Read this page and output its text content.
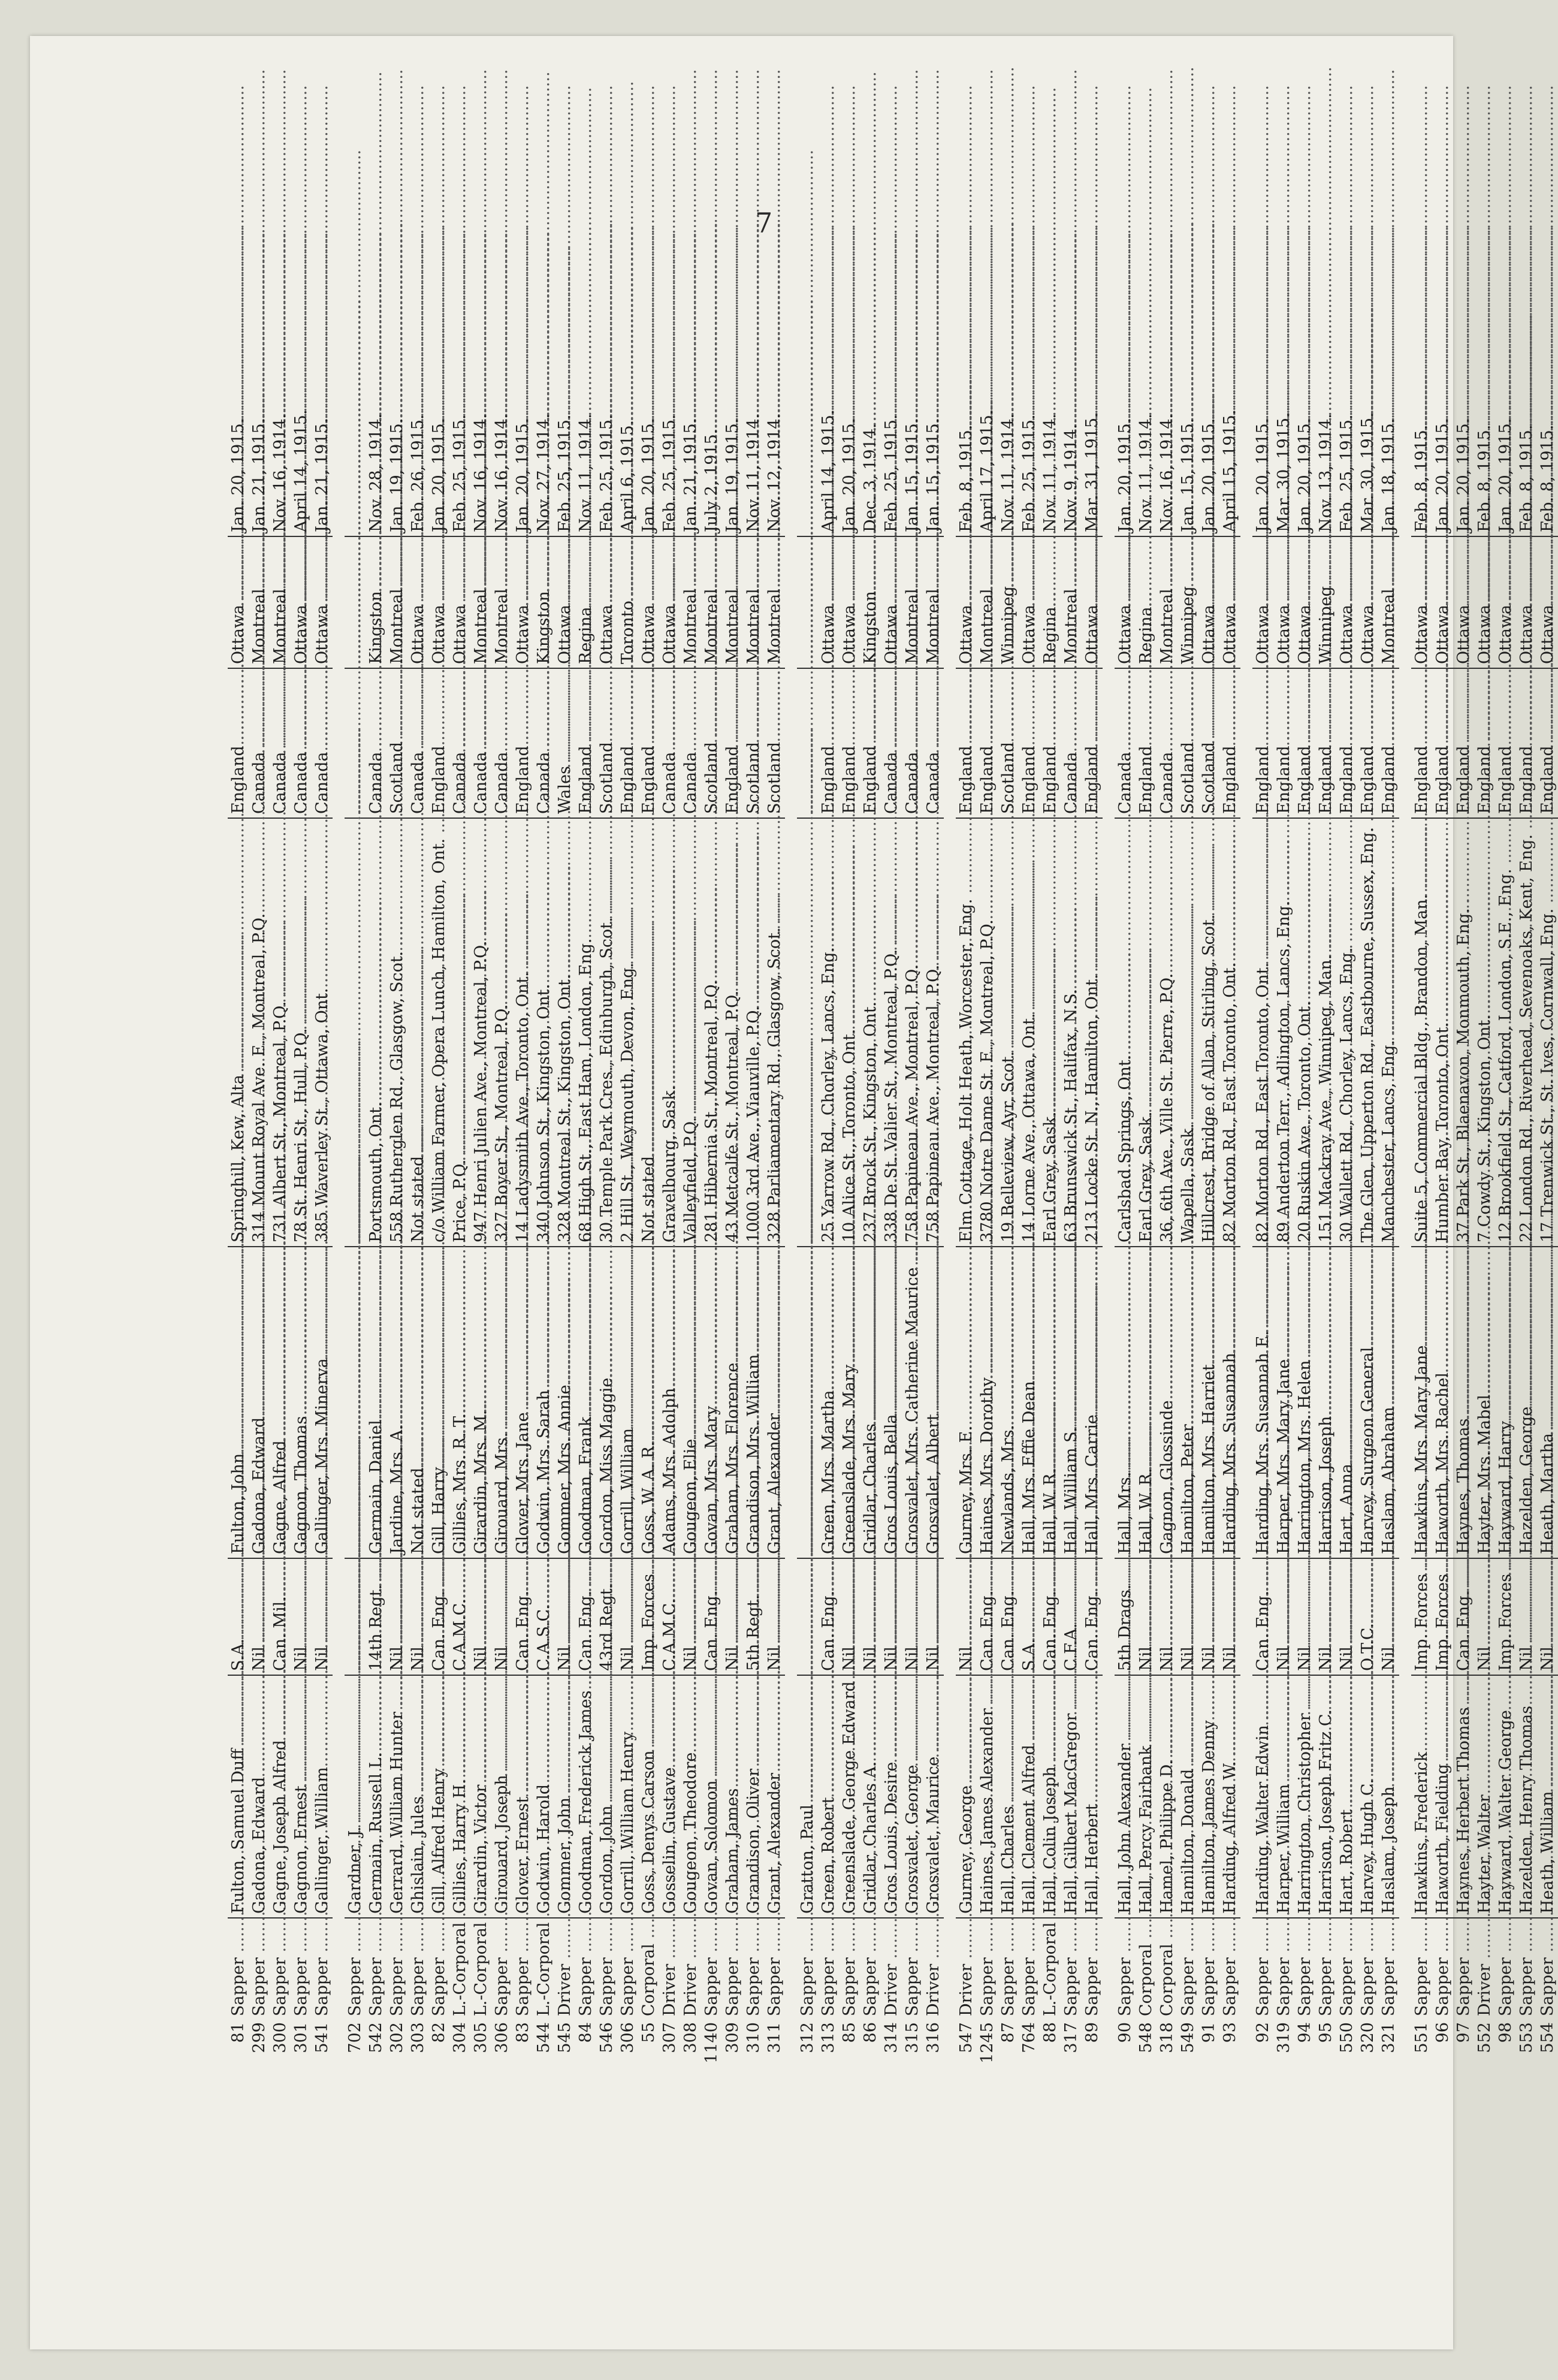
7
81	Sapper .....	Fulton, Samuel Duff .....	S.A. .....	Fulton, John .....	Springhill, Kew, Alta .....	England .....	Ottawa .....	Jan. 20, 1915.
299	Sapper .....	Gadona, Edward .....	Nil .....	Gadona, Edward .....	314 Mount Royal Ave. E., Montreal, P.Q. .....	Canada .....	Montreal .....	Jan. 21, 1915.
300	Sapper .....	Gagne, Joseph Alfred .....	Can. Mil. .....	Gagne, Alfred .....	731 Albert St., Montreal, P.Q. .....	Canada .....	Montreal .....	Nov. 16, 1914.
301	Sapper .....	Gagnon, Ernest .....	Nil .....	Gagnon, Thomas .....	78 St. Henri St., Hull, P.Q. .....	Canada .....	Ottawa .....	April 14, 1915.
541	Sapper .....	Gallinger, William .....	Nil .....	Gallinger, Mrs. Minerva .....	385 Waverley St., Ottawa, Ont. .....	Canada .....	Ottawa .....	Jan. 21, 1915.

702	Sapper .....	Gardner, J. .....	.....	.....	.....	.....	.....	
542	Sapper .....	Germain, Russell L. .....	14th Regt. .....	Germain, Daniel .....	Portsmouth, Ont. .....	Canada .....	Kingston .....	Nov. 28, 1914.
302	Sapper .....	Gerrard, William Hunter .....	Nil .....	Jardine, Mrs. A. .....	558 Rutherglen Rd., Glasgow, Scot. .....	Scotland .....	Montreal .....	Jan. 19, 1915.
303	Sapper .....	Ghislain, Jules .....	Nil .....	Not stated .....	Not stated .....	Canada .....	Ottawa .....	Feb. 26, 1915.
82	Sapper .....	Gill, Alfred Henry .....	Can. Eng. .....	Gill, Harry .....	c/o William Farmer, Opera Lunch, Hamilton, Ont. .....	England .....	Ottawa .....	Jan. 20, 1915.
304	L.-Corporal .....	Gillies, Harry H. .....	C.A.M.C. .....	Gillies, Mrs. R. T. .....	Price, P.Q. .....	Canada .....	Ottawa .....	Feb. 25, 1915.
305	L.-Corporal .....	Girardin, Victor .....	Nil .....	Girardin, Mrs. M. .....	947 Henri Julien Ave., Montreal, P.Q. .....	Canada .....	Montreal .....	Nov. 16, 1914.
306	Sapper .....	Girouard, Joseph .....	Nil .....	Girouard, Mrs. .....	327 Boyer St., Montreal, P.Q. .....	Canada .....	Montreal .....	Nov. 16, 1914.
83	Sapper .....	Glover, Ernest .....	Can. Eng. .....	Glover, Mrs. Jane .....	14 Ladysmith Ave., Toronto, Ont. .....	England .....	Ottawa .....	Jan. 20, 1915.
544	L.-Corporal .....	Godwin, Harold .....	C.A.S.C. .....	Godwin, Mrs. Sarah .....	340 Johnson St., Kingston, Ont. .....	Canada .....	Kingston .....	Nov. 27, 1914.
545	Driver .....	Gommer, John .....	Nil .....	Gommer, Mrs. Annie .....	328 Montreal St., Kingston, Ont. .....	Wales .....	Ottawa .....	Feb. 25, 1915.
84	Sapper .....	Goodman, Frederick James .....	Can. Eng. .....	Goodman, Frank .....	68 High St., East Ham, London, Eng. .....	England .....	Regina .....	Nov. 11, 1914.
546	Sapper .....	Gordon, John .....	43rd Regt. .....	Gordon, Miss Maggie .....	30 Temple Park Cres., Edinburgh, Scot. .....	Scotland .....	Ottawa .....	Feb. 25, 1915.
306	Sapper .....	Gorrill, William Henry .....	Nil .....	Gorrill, William .....	2 Hill St., Weymouth, Devon, Eng. .....	England .....	Toronto .....	April 6, 1915.
55	Corporal .....	Goss, Denys Carson .....	Imp. Forces .....	Goss, W. A. R. .....	Not stated .....	England .....	Ottawa .....	Jan. 20, 1915.
307	Driver .....	Gosselin, Gustave .....	C.A.M.C. .....	Adams, Mrs. Adolph .....	Gravelbourg, Sask. .....	Canada .....	Ottawa .....	Feb. 25, 1915.
308	Driver .....	Gougeon, Theodore .....	Nil .....	Gougeon, Elie .....	Valleyfield, P.Q. .....	Canada .....	Montreal .....	Jan. 21, 1915.
1140	Sapper .....	Govan, Solomon .....	Can. Eng. .....	Govan, Mrs. Mary .....	281 Hibernia St., Montreal, P.Q. .....	Scotland .....	Montreal .....	July 2, 1915.
309	Sapper .....	Graham, James .....	Nil .....	Graham, Mrs. Florence .....	43 Metcalfe St., Montreal, P.Q. .....	England .....	Montreal .....	Jan. 19, 1915.
310	Sapper .....	Grandison, Oliver .....	5th Regt. .....	Grandison, Mrs. William .....	1000 3rd Ave., Viauville, P.Q. .....	Scotland .....	Montreal .....	Nov. 11, 1914.
311	Sapper .....	Grant, Alexander .....	Nil .....	Grant, Alexander .....	328 Parliamentary Rd., Glasgow, Scot. .....	Scotland .....	Montreal .....	Nov. 12, 1914.

312	Sapper .....	Gratton, Paul .....	.....	.....	.....	.....	.....	
313	Sapper .....	Green, Robert .....	Can. Eng. .....	Green, Mrs. Martha .....	25 Yarrow Rd., Chorley, Lancs, Eng. .....	England .....	Ottawa .....	April 14, 1915.
85	Sapper .....	Greenslade, George Edward .....	Nil .....	Greenslade, Mrs. Mary .....	10 Alice St., Toronto, Ont. .....	England .....	Ottawa .....	Jan. 20, 1915.
86	Sapper .....	Gridlar, Charles A. .....	Nil .....	Gridlar, Charles .....	237 Brock St., Kingston, Ont. .....	England .....	Kingston .....	Dec. 3, 1914.
314	Driver .....	Gros Louis, Desire .....	Nil .....	Gros Louis, Bella .....	338 De St. Valier St., Montreal, P.Q. .....	Canada .....	Ottawa .....	Feb. 25, 1915.
315	Sapper .....	Grosvalet, George .....	Nil .....	Grosvalet, Mrs. Catherine Maurice .....	758 Papineau Ave., Montreal, P.Q. .....	Canada .....	Montreal .....	Jan. 15, 1915.
316	Driver .....	Grosvalet, Maurice .....	Nil .....	Grosvalet, Albert .....	758 Papineau Ave., Montreal, P.Q. .....	Canada .....	Montreal .....	Jan. 15, 1915.

547	Driver .....	Gurney, George .....	Nil .....	Gurney, Mrs. E. .....	Elm Cottage, Holt Heath, Worcester, Eng. .....	England .....	Ottawa .....	Feb. 8, 1915.
1245	Sapper .....	Haines, James Alexander .....	Can. Eng. .....	Haines, Mrs. Dorothy .....	3780 Notre Dame St. E., Montreal, P.Q. .....	England .....	Montreal .....	April 17, 1915.
87	Sapper .....	Hall, Charles .....	Can. Eng. .....	Newlands, Mrs. .....	19 Belleview, Ayr, Scot. .....	Scotland .....	Winnipeg .....	Nov. 11, 1914.
764	Sapper .....	Hall, Clement Alfred .....	S.A. .....	Hall, Mrs. Effie Dean .....	14 Lorne Ave., Ottawa, Ont. .....	England .....	Ottawa .....	Feb. 25, 1915.
88	L.-Corporal .....	Hall, Colin Joseph .....	Can. Eng. .....	Hall, W. R. .....	Earl Grey, Sask. .....	England .....	Regina .....	Nov. 11, 1914.
317	Sapper .....	Hall, Gilbert MacGregor .....	C.F.A. .....	Hall, William S. .....	63 Brunswick St., Halifax, N.S. .....	Canada .....	Montreal .....	Nov. 9, 1914.
89	Sapper .....	Hall, Herbert .....	Can. Eng. .....	Hall, Mrs. Carrie .....	213 Locke St. N., Hamilton, Ont. .....	England .....	Ottawa .....	Mar. 31, 1915.

90	Sapper .....	Hall, John Alexander .....	5th Drags. .....	Hall, Mrs. .....	Carlsbad Springs, Ont. .....	Canada .....	Ottawa .....	Jan. 20, 1915.
548	Corporal .....	Hall, Percy Fairbank .....	Nil .....	Hall, W. R. .....	Earl Grey, Sask. .....	England .....	Regina .....	Nov. 11, 1914.
318	Corporal .....	Hamel, Philippe D. .....	Nil .....	Gagnon, Glossinde .....	36, 6th Ave., Ville St. Pierre, P.Q. .....	Canada .....	Montreal .....	Nov. 16, 1914.
549	Sapper .....	Hamilton, Donald .....	Nil .....	Hamilton, Peter .....	Wapella, Sask. .....	Scotland .....	Winnipeg .....	Jan. 15, 1915.
91	Sapper .....	Hamilton, James Denny .....	Nil .....	Hamilton, Mrs. Harriet .....	Hillcrest, Bridge of Allan, Stirling, Scot. .....	Scotland .....	Ottawa .....	Jan. 20, 1915.
93	Sapper .....	Harding, Alfred W. .....	Nil .....	Harding, Mrs. Susannah .....	82 Morton Rd., East Toronto, Ont. .....	England .....	Ottawa .....	April 15, 1915.

92	Sapper .....	Harding, Walter Edwin .....	Can. Eng. .....	Harding, Mrs. Susannah E. .....	82 Morton Rd., East Toronto, Ont. .....	England .....	Ottawa .....	Jan. 20, 1915.
319	Sapper .....	Harper, William .....	Nil .....	Harper, Mrs. Mary Jane .....	89 Anderton Terr., Adlington, Lancs, Eng. .....	England .....	Ottawa .....	Mar. 30, 1915.
94	Sapper .....	Harrington, Christopher .....	Nil .....	Harrington, Mrs. Helen .....	20 Ruskin Ave., Toronto, Ont. .....	England .....	Ottawa .....	Jan. 20, 1915.
95	Sapper .....	Harrison, Joseph Fritz C. .....	Nil .....	Harrison, Joseph .....	151 Mackray Ave., Winnipeg, Man. .....	England .....	Winnipeg .....	Nov. 13, 1914.
550	Sapper .....	Hart, Robert .....	Nil .....	Hart, Anna .....	30 Wallett Rd., Chorley, Lancs, Eng. .....	England .....	Ottawa .....	Feb. 25, 1915.
320	Sapper .....	Harvey, Hugh C. .....	O.T.C. .....	Harvey, Surgeon General .....	The Glen, Upperton Rd., Eastbourne, Sussex, Eng. .....	England .....	Ottawa .....	Mar. 30, 1915.
321	Sapper .....	Haslam, Joseph .....	Nil .....	Haslam, Abraham .....	Manchester, Lancs, Eng. .....	England .....	Montreal .....	Jan. 18, 1915.

551	Sapper .....	Hawkins, Frederick .....	Imp. Forces .....	Hawkins, Mrs. Mary Jane .....	Suite 5, Commercial Bldg., Brandon, Man. .....	England .....	Ottawa .....	Feb. 8, 1915.
96	Sapper .....	Haworth, Fielding .....	Imp. Forces .....	Haworth, Mrs. Rachel .....	Humber Bay, Toronto, Ont. .....	England .....	Ottawa .....	Jan. 20, 1915.
97	Sapper .....	Haynes, Herbert Thomas .....	Can. Eng. .....	Haynes, Thomas .....	37 Park St., Blaenavon, Monmouth, Eng. .....	England .....	Ottawa .....	Jan. 20, 1915.
552	Driver .....	Hayter, Walter .....	Nil .....	Hayter, Mrs. Mabel .....	7 Cowdy St., Kingston, Ont. .....	England .....	Ottawa .....	Feb. 8, 1915.
98	Sapper .....	Hayward, Walter George .....	Imp. Forces .....	Hayward, Harry .....	12 Brookfield St., Catford, London, S.E., Eng. .....	England .....	Ottawa .....	Jan. 20, 1915.
553	Sapper .....	Hazelden, Henry Thomas .....	Nil .....	Hazelden, George .....	22 London Rd., Riverhead, Sevenoaks, Kent, Eng. .....	England .....	Ottawa .....	Feb. 8, 1915.
554	Sapper .....	Heath, William .....	Nil .....	Heath, Martha .....	17 Trenwick St., St. Ives, Cornwall, Eng. .....	England .....	Ottawa .....	Feb. 8, 1915.
